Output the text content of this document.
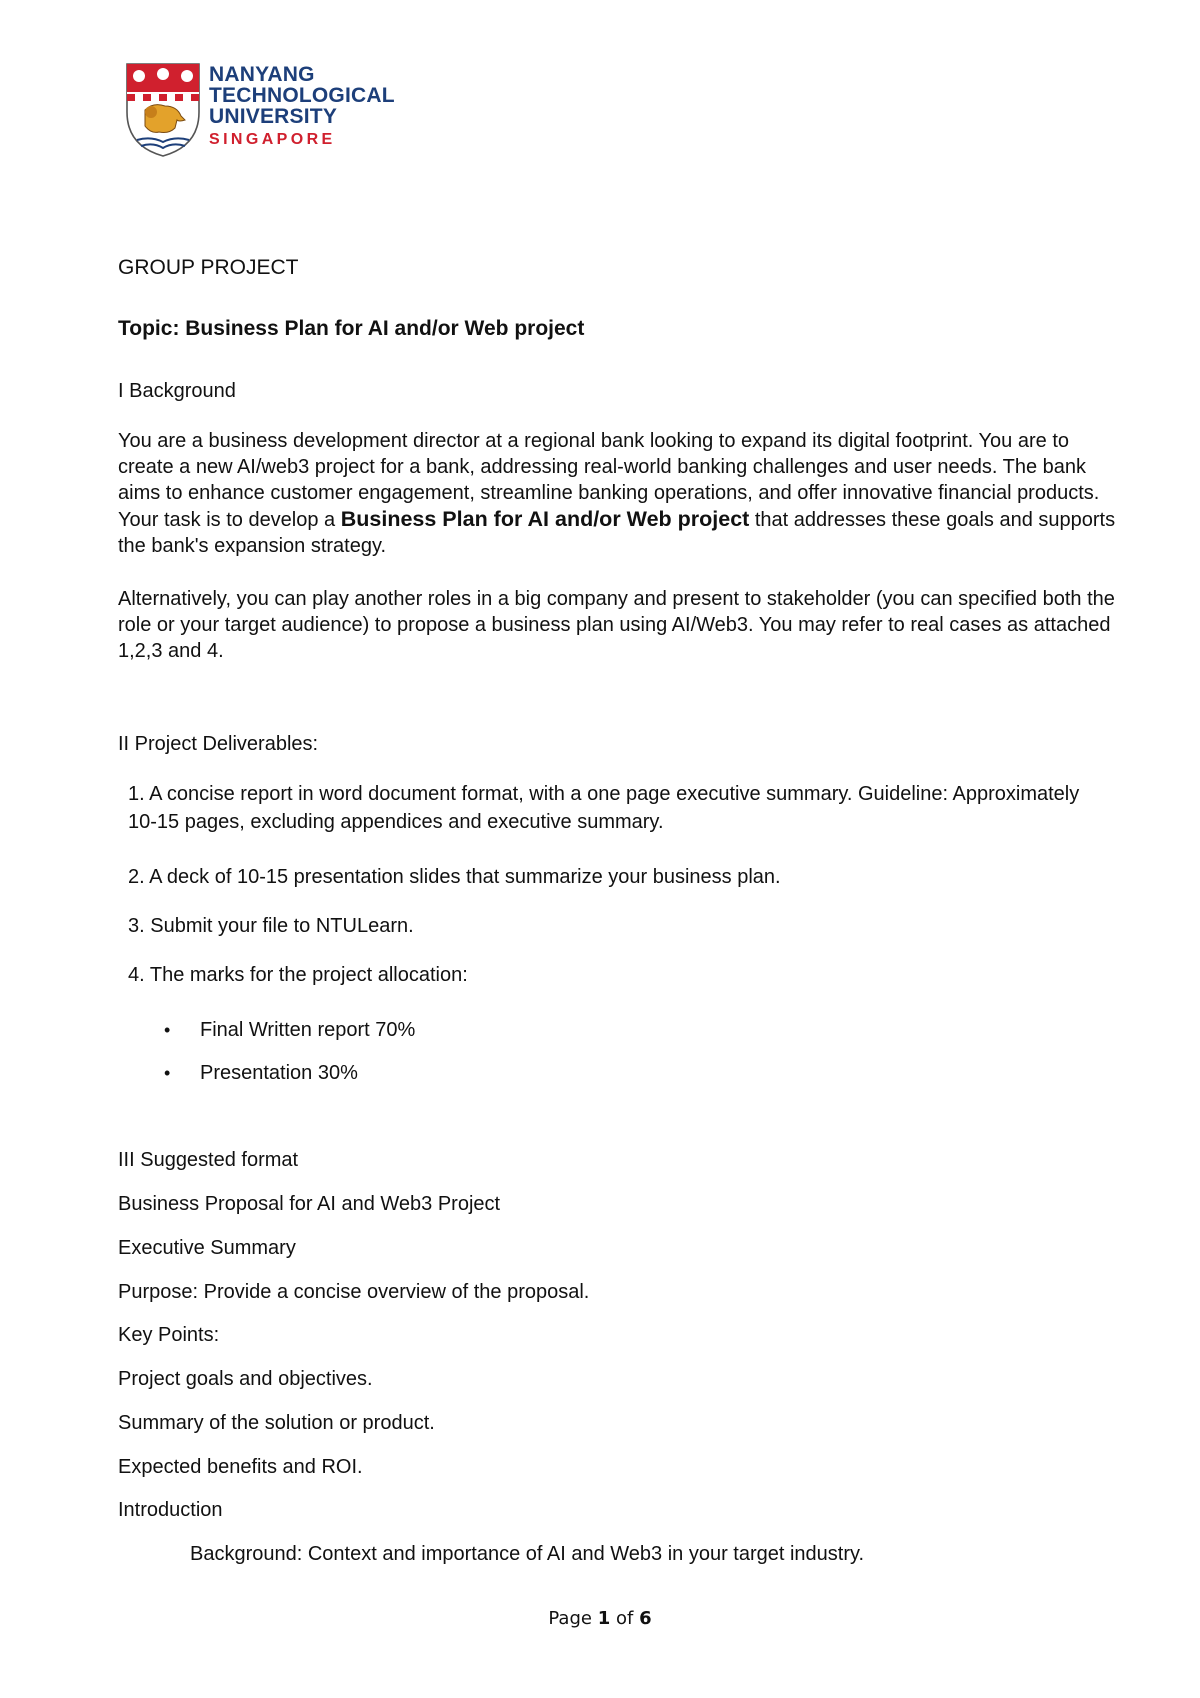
NANYANG
TECHNOLOGICAL
UNIVERSITY
SINGAPORE
GROUP PROJECT
Topic: Business Plan for AI and/or Web project
I Background
You are a business development director at a regional bank looking to expand its digital footprint. You are to create a new AI/web3 project for a bank, addressing real-world banking challenges and user needs. The bank aims to enhance customer engagement, streamline banking operations, and offer innovative financial products. Your task is to develop a Business Plan for AI and/or Web project that addresses these goals and supports the bank's expansion strategy.
Alternatively, you can play another roles in a big company and present to stakeholder (you can specified both the role or your target audience) to propose a business plan using AI/Web3. You may refer to real cases as attached 1,2,3 and 4.
II Project Deliverables:
1. A concise report in word document format, with a one page executive summary. Guideline: Approximately 10-15 pages, excluding appendices and executive summary.
2. A deck of 10-15 presentation slides that summarize your business plan.
3. Submit your file to NTULearn.
4. The marks for the project allocation:
• Final Written report 70%
• Presentation 30%
III Suggested format
Business Proposal for AI and Web3 Project
Executive Summary
Purpose: Provide a concise overview of the proposal.
Key Points:
Project goals and objectives.
Summary of the solution or product.
Expected benefits and ROI.
Introduction
Background: Context and importance of AI and Web3 in your target industry.
Page 1 of 6
